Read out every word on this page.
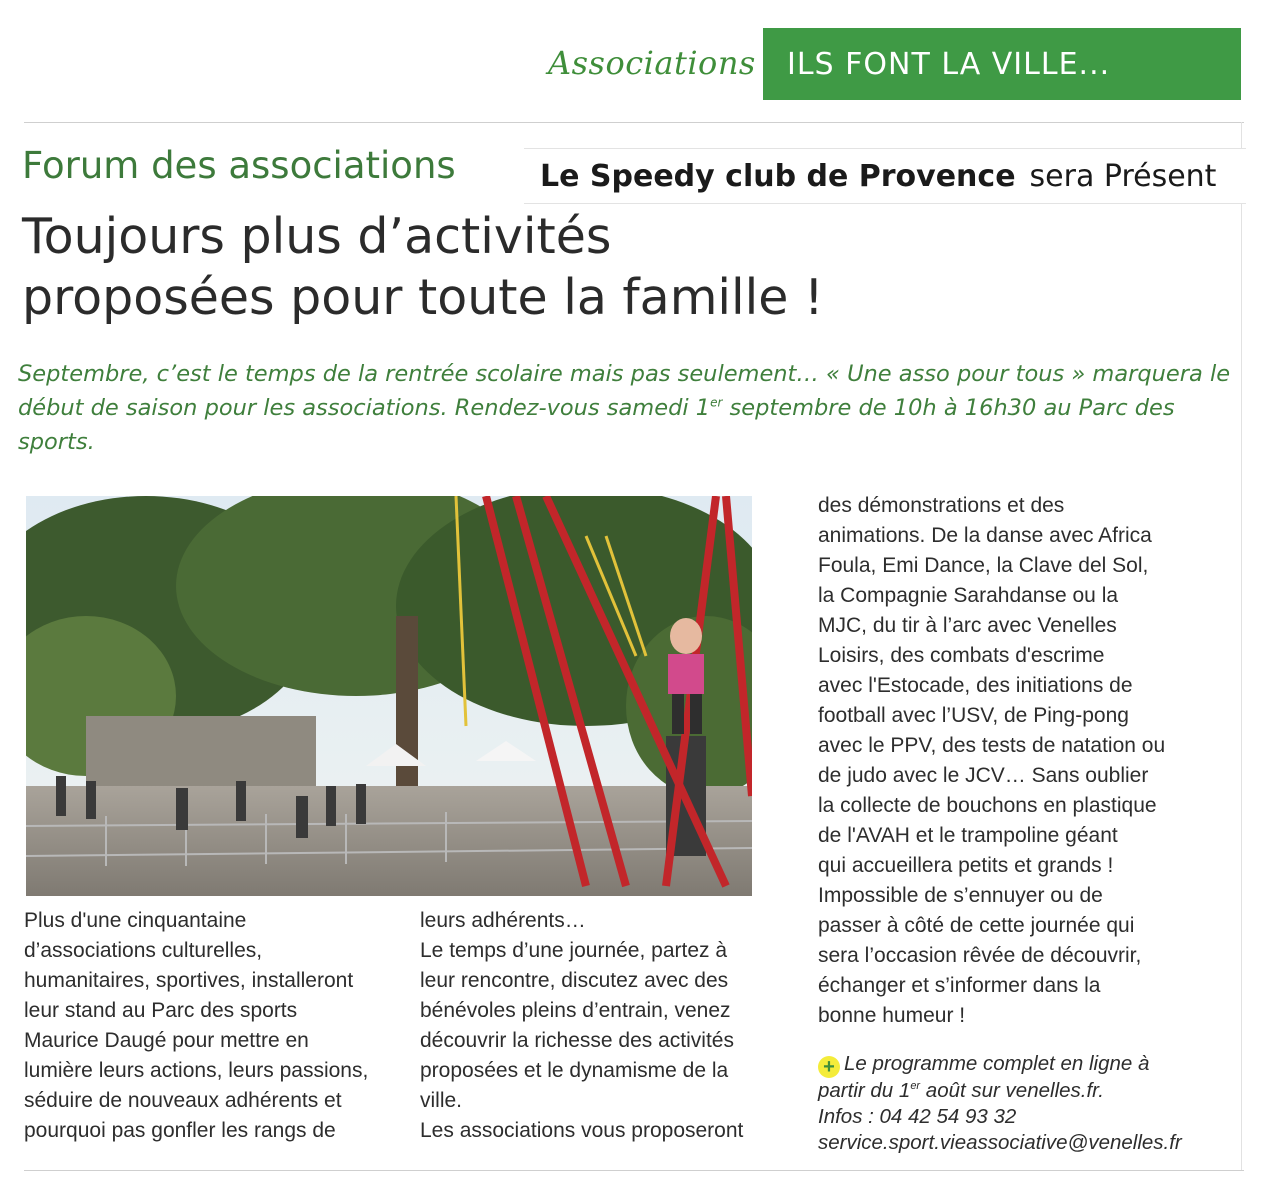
Associations ILS FONT LA VILLE...
Forum des associations	Le Speedy club de Provence sera Présent
Toujours plus d’activités
proposées pour toute la famille !
Septembre, c’est le temps de la rentrée scolaire mais pas seulement… « Une asso pour tous » marquera le début de saison pour les associations. Rendez-vous samedi 1er septembre de 10h à 16h30 au Parc des sports.

Plus d'une cinquantaine

d’associations culturelles,

humanitaires, sportives, installeront

leur stand au Parc des sports

Maurice Daugé pour mettre en

lumière leurs actions, leurs passions,

séduire de nouveaux adhérents et

pourquoi pas gonfler les rangs de

leurs adhérents…

Le temps d’une journée, partez à

leur rencontre, discutez avec des

bénévoles pleins d’entrain, venez

découvrir la richesse des activités

proposées et le dynamisme de la

ville.

Les associations vous proposeront

des démonstrations et des

animations. De la danse avec Africa

Foula, Emi Dance, la Clave del Sol,

la Compagnie Sarahdanse ou la

MJC, du tir à l’arc avec Venelles

Loisirs, des combats d'escrime

avec l'Estocade, des initiations de

football avec l’USV, de Ping-pong

avec le PPV, des tests de natation ou

de judo avec le JCV… Sans oublier

la collecte de bouchons en plastique

de l'AVAH et le trampoline géant

qui accueillera petits et grands !

Impossible de s’ennuyer ou de

passer à côté de cette journée qui

sera l’occasion rêvée de découvrir,

échanger et s’informer dans la

bonne humeur !

+ Le programme complet en ligne à

partir du 1er août sur venelles.fr.

Infos : 04 42 54 93 32

service.sport.vieassociative@venelles.fr
